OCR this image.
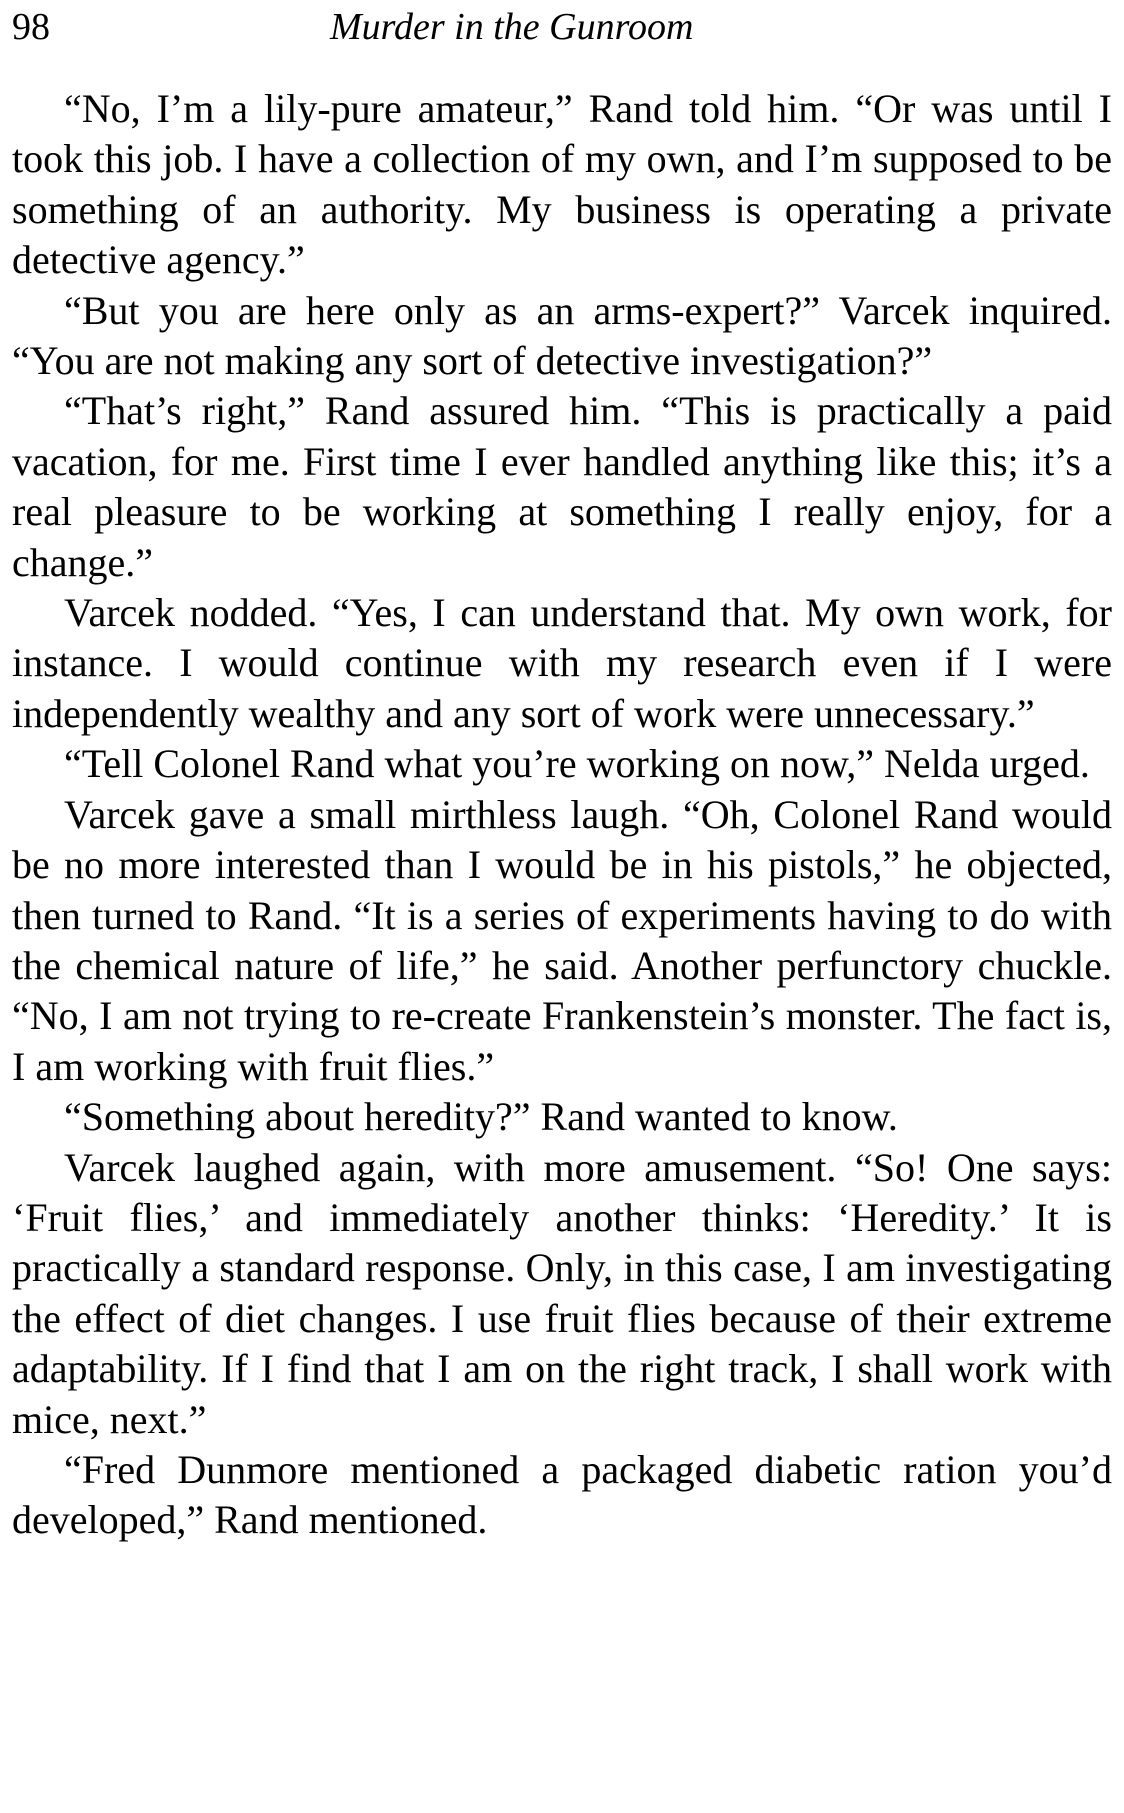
98	Murder in the Gunroom

“No, I’m a lily-pure amateur,” Rand told him. “Or was until I took this job. I have a collection of my own, and I’m supposed to be something of an authority. My business is operating a private detective agency.”

“But you are here only as an arms-expert?” Varcek inquired. “You are not making any sort of detective investigation?”

“That’s right,” Rand assured him. “This is practically a paid vacation, for me. First time I ever handled anything like this; it’s a real pleasure to be working at something I really enjoy, for a change.”

Varcek nodded. “Yes, I can understand that. My own work, for instance. I would continue with my research even if I were independently wealthy and any sort of work were unnecessary.”

“Tell Colonel Rand what you’re working on now,” Nelda urged.

Varcek gave a small mirthless laugh. “Oh, Colonel Rand would be no more interested than I would be in his pistols,” he objected, then turned to Rand. “It is a series of experiments having to do with the chemical nature of life,” he said. Another perfunctory chuckle. “No, I am not trying to re-create Frankenstein’s monster. The fact is, I am working with fruit flies.”

“Something about heredity?” Rand wanted to know.

Varcek laughed again, with more amusement. “So! One says: ‘Fruit flies,’ and immediately another thinks: ‘Heredity.’ It is practically a standard response. Only, in this case, I am investigating the effect of diet changes. I use fruit flies because of their extreme adaptability. If I find that I am on the right track, I shall work with mice, next.”

“Fred Dunmore mentioned a packaged diabetic ration you’d developed,” Rand mentioned.
